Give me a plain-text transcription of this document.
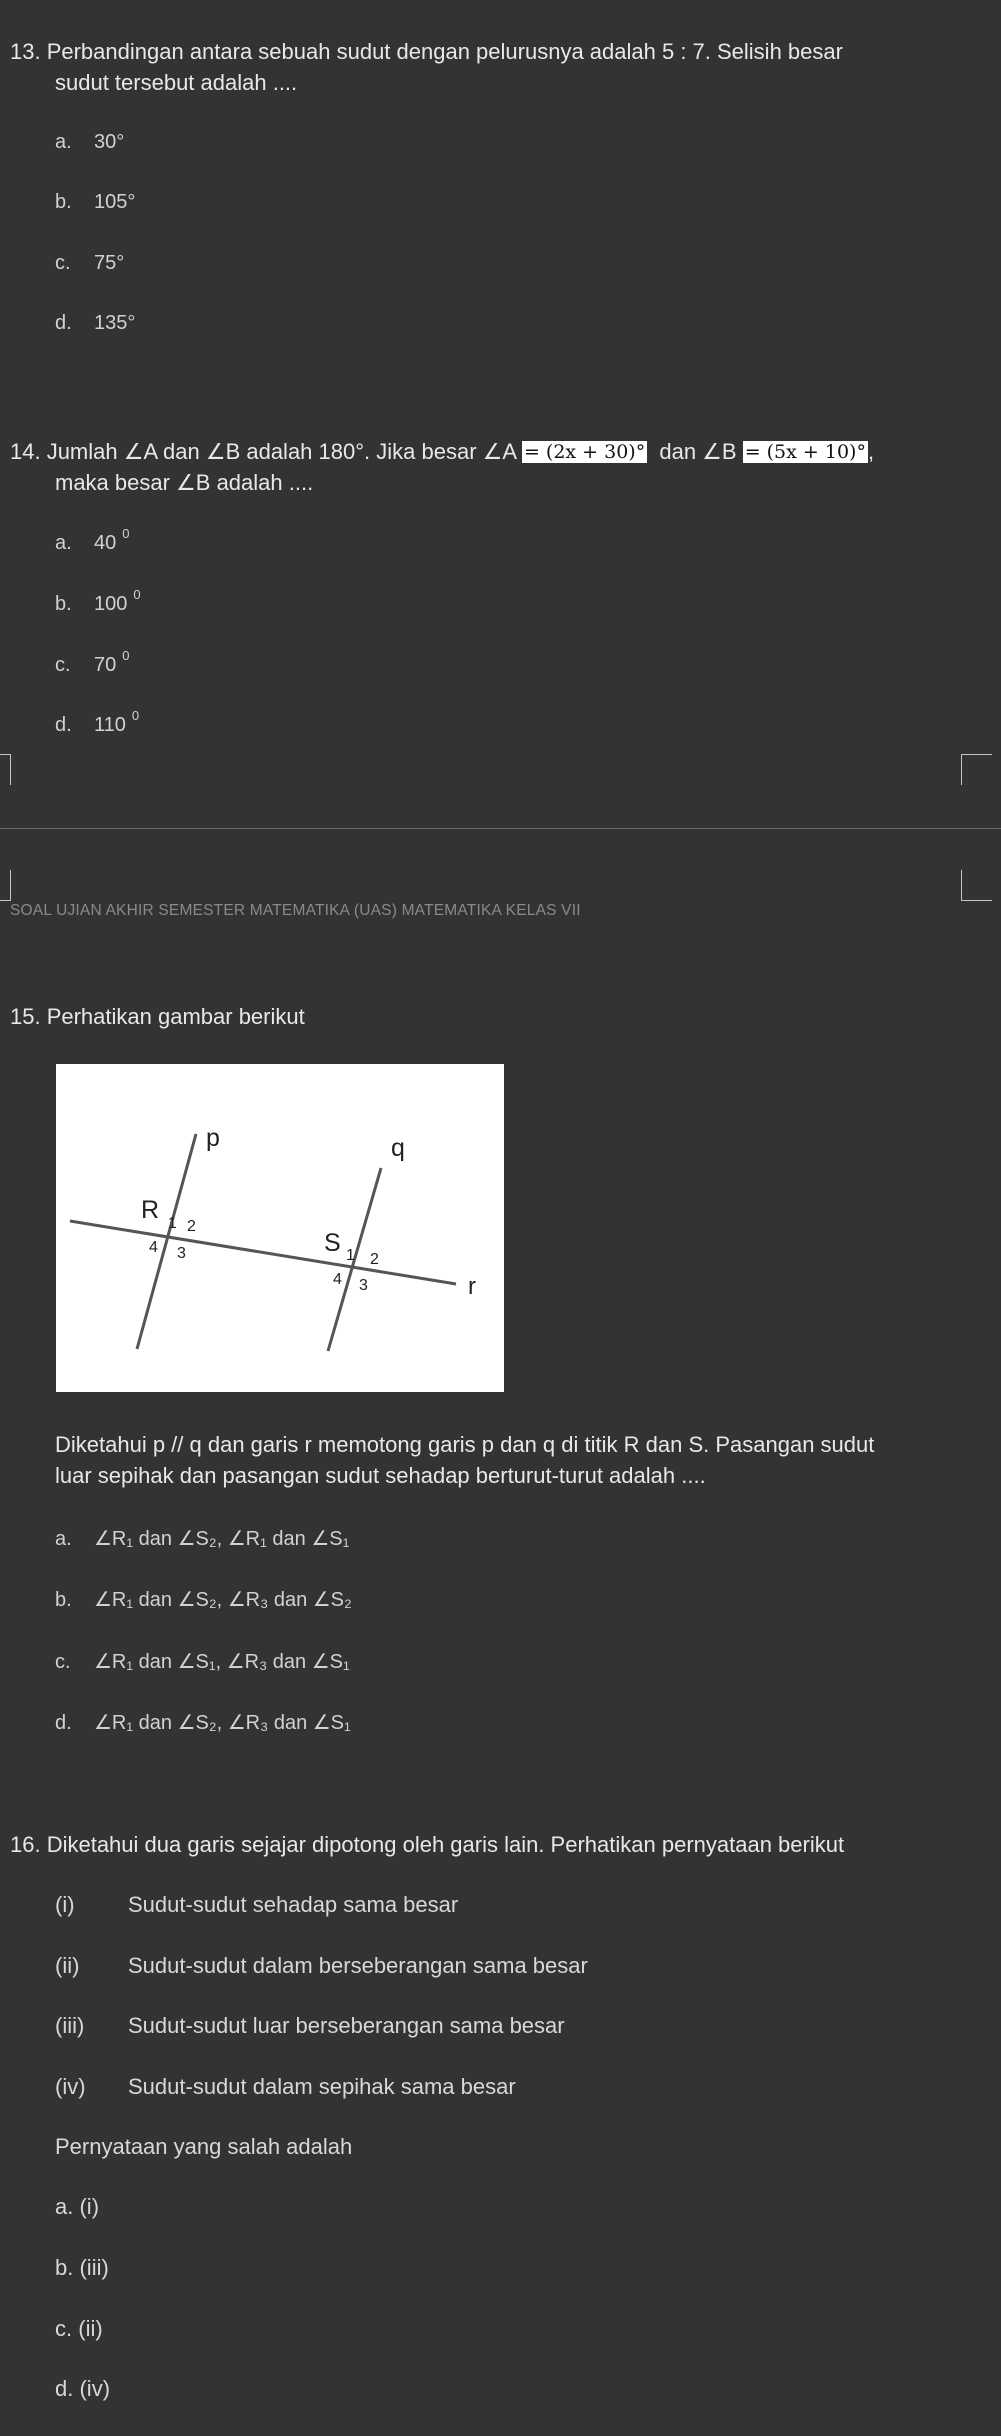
13. Perbandingan antara sebuah sudut dengan pelurusnya adalah 5 : 7. Selisih besar
sudut tersebut adalah ....
a. 30°
b. 105°
c. 75°
d. 135°
14. Jumlah ∠A dan ∠B adalah 180°. Jika besar ∠A = (2x + 30)° dan ∠B = (5x + 10)°,
maka besar ∠B adalah ....
a. 40 $^0$
b. 100 $^0$
c. 70 $^0$
d. 110 $^0$
SOAL UJIAN AKHIR SEMESTER MATEMATIKA (UAS) MATEMATIKA KELAS VII
15. Perhatikan gambar berikut
p	q
r
R
S
1 2
4 3	1 2
4 3
Diketahui p // q dan garis r memotong garis p dan q di titik R dan S. Pasangan sudut
luar sepihak dan pasangan sudut sehadap berturut-turut adalah ....
a. ∠R₁ dan ∠S₂, ∠R₁ dan ∠S₁
b. ∠R₁ dan ∠S₂, ∠R₃ dan ∠S₂
c. ∠R₁ dan ∠S₁, ∠R₃ dan ∠S₁
d. ∠R₁ dan ∠S₂, ∠R₃ dan ∠S₁
16. Diketahui dua garis sejajar dipotong oleh garis lain. Perhatikan pernyataan berikut
(i) Sudut-sudut sehadap sama besar
(ii) Sudut-sudut dalam berseberangan sama besar
(iii) Sudut-sudut luar berseberangan sama besar
(iv) Sudut-sudut dalam sepihak sama besar
Pernyataan yang salah adalah
a. (i)
b. (iii)
c. (ii)
d. (iv)
